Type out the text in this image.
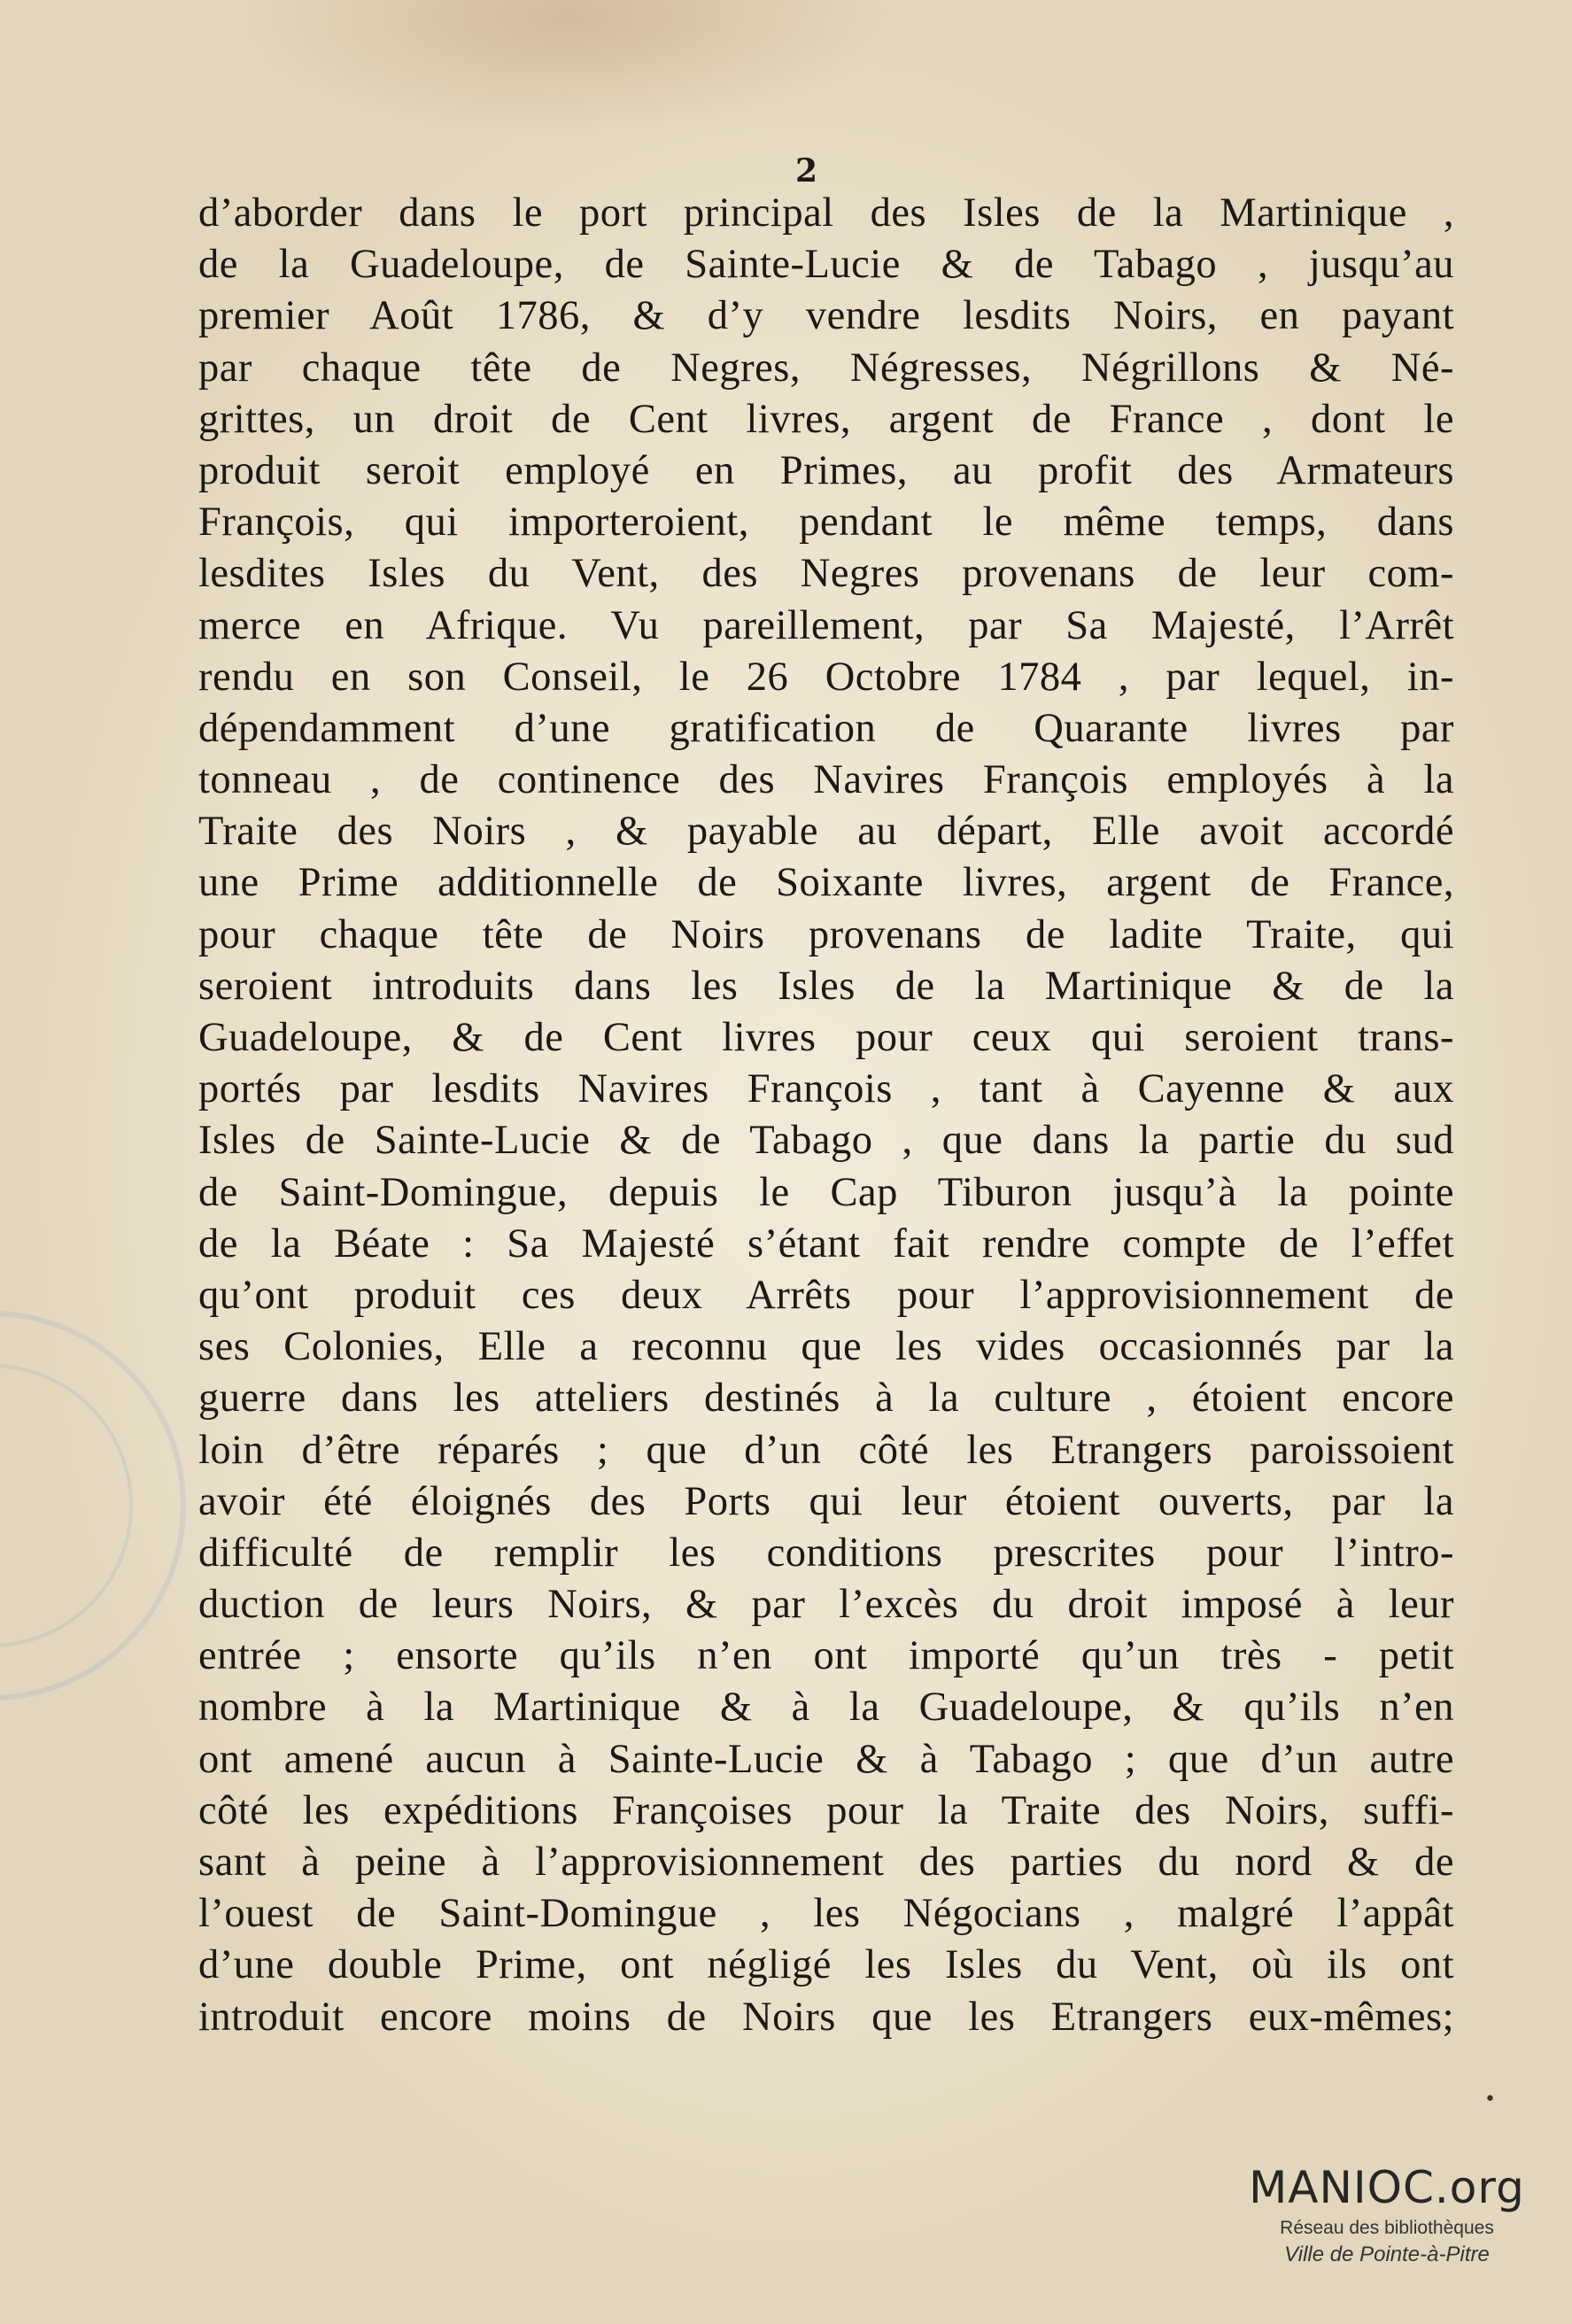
2
d’aborder dans le port principal des Isles de la Martinique ,
de la Guadeloupe, de Sainte-Lucie & de Tabago , jusqu’au
premier Août 1786, & d’y vendre lesdits Noirs, en payant
par chaque tête de Negres, Négresses, Négrillons & Né-
grittes, un droit de Cent livres, argent de France , dont le
produit seroit employé en Primes, au profit des Armateurs
François, qui importeroient, pendant le même temps, dans
lesdites Isles du Vent, des Negres provenans de leur com-
merce en Afrique. Vu pareillement, par Sa Majesté, l’Arrêt
rendu en son Conseil, le 26 Octobre 1784 , par lequel, in-
dépendamment d’une gratification de Quarante livres par
tonneau , de continence des Navires François employés à la
Traite des Noirs , & payable au départ, Elle avoit accordé
une Prime additionnelle de Soixante livres, argent de France,
pour chaque tête de Noirs provenans de ladite Traite, qui
seroient introduits dans les Isles de la Martinique & de la
Guadeloupe, & de Cent livres pour ceux qui seroient trans-
portés par lesdits Navires François , tant à Cayenne & aux
Isles de Sainte-Lucie & de Tabago , que dans la partie du sud
de Saint-Domingue, depuis le Cap Tiburon jusqu’à la pointe
de la Béate : Sa Majesté s’étant fait rendre compte de l’effet
qu’ont produit ces deux Arrêts pour l’approvisionnement de
ses Colonies, Elle a reconnu que les vides occasionnés par la
guerre dans les atteliers destinés à la culture , étoient encore
loin d’être réparés ; que d’un côté les Etrangers paroissoient
avoir été éloignés des Ports qui leur étoient ouverts, par la
difficulté de remplir les conditions prescrites pour l’intro-
duction de leurs Noirs, & par l’excès du droit imposé à leur
entrée ; ensorte qu’ils n’en ont importé qu’un très - petit
nombre à la Martinique & à la Guadeloupe, & qu’ils n’en
ont amené aucun à Sainte-Lucie & à Tabago ; que d’un autre
côté les expéditions Françoises pour la Traite des Noirs, suffi-
sant à peine à l’approvisionnement des parties du nord & de
l’ouest de Saint-Domingue , les Négocians , malgré l’appât
d’une double Prime, ont négligé les Isles du Vent, où ils ont
introduit encore moins de Noirs que les Etrangers eux-mêmes;
•
MANIOC.org
Réseau des bibliothèques
Ville de Pointe-à-Pitre
